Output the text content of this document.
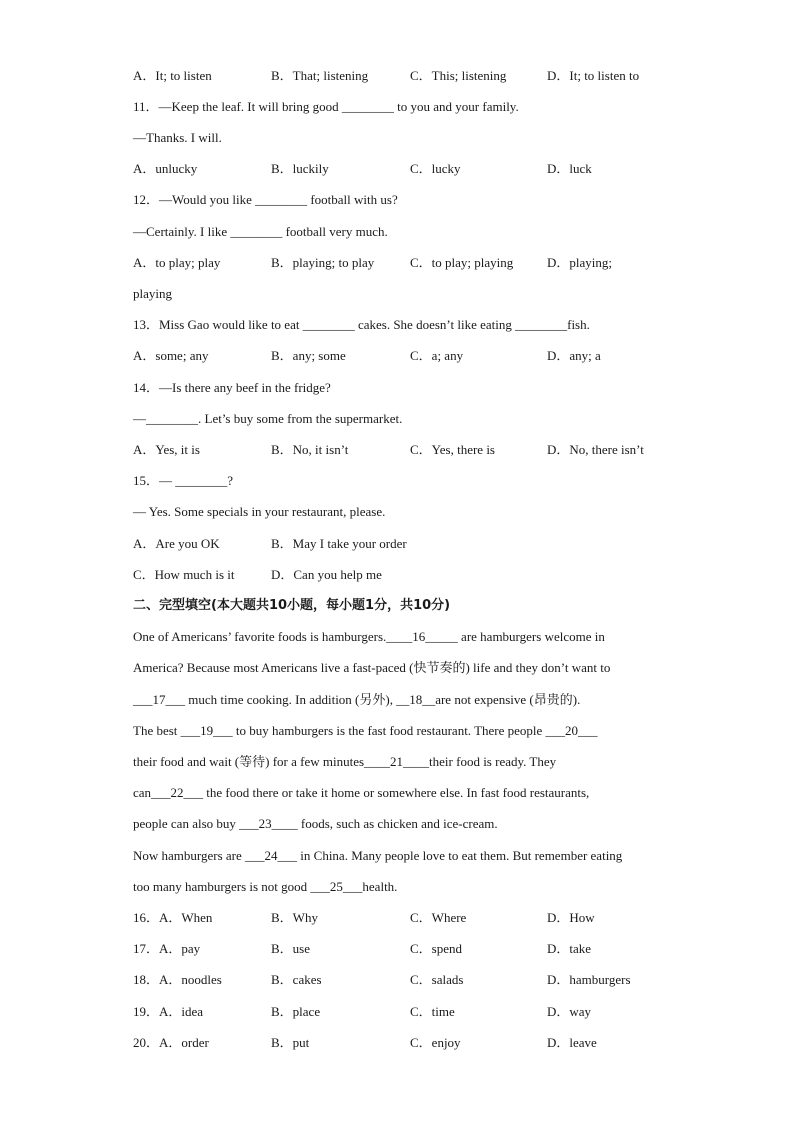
A．It; to listen	B．That; listening	C．This; listening	D．It; to listen to
11．—Keep the leaf. It will bring good ________ to you and your family.
—Thanks. I will.
A．unlucky	B．luckily	C．lucky	D．luck
12．—Would you like ________ football with us?
—Certainly. I like ________ football very much.
A．to play; play	B．playing; to play	C．to play; playing	D．playing;
playing
13．Miss Gao would like to eat ________ cakes. She doesn’t like eating ________fish.
A．some; any	B．any; some	C．a; any	D．any; a
14．—Is there any beef in the fridge?
—________. Let’s buy some from the supermarket.
A．Yes, it is	B．No, it isn’t	C．Yes, there is	D．No, there isn’t
15．— ________?
— Yes. Some specials in your restaurant, please.
A．Are you OK	B．May I take your order
C．How much is it	D．Can you help me
二、完型填空(本大题共10小题，每小题1分，共10分)
One of Americans’ favorite foods is hamburgers.____16_____ are hamburgers welcome in
America? Because most Americans live a fast-paced (快节奏的) life and they don’t want to
___17___ much time cooking. In addition (另外), __18__are not expensive (昂贵的).
The best ___19___ to buy hamburgers is the fast food restaurant. There people ___20___
their food and wait (等待) for a few minutes____21____their food is ready. They
can___22___ the food there or take it home or somewhere else. In fast food restaurants,
people can also buy ___23____ foods, such as chicken and ice-cream.
Now hamburgers are ___24___ in China. Many people love to eat them. But remember eating
too many hamburgers is not good ___25___health.
16．A．When	B．Why	C．Where	D．How
17．A．pay	B．use	C．spend	D．take
18．A．noodles	B．cakes	C．salads	D．hamburgers
19．A．idea	B．place	C．time	D．way
20．A．order	B．put	C．enjoy	D．leave
